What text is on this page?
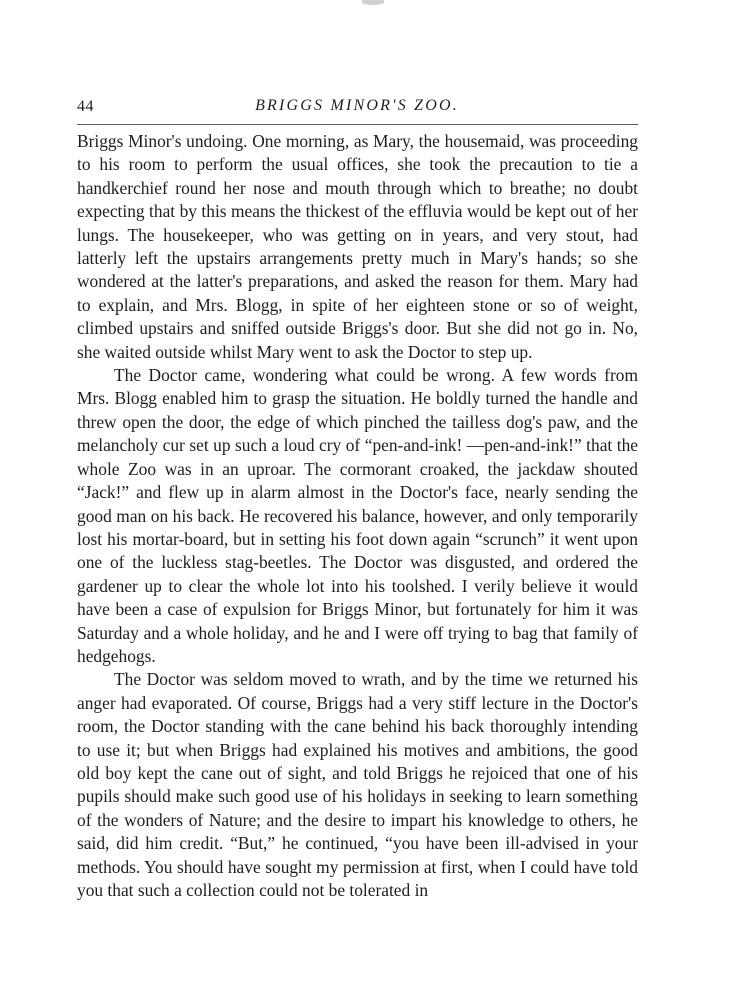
44	BRIGGS MINOR'S ZOO.

Briggs Minor's undoing. One morning, as Mary, the housemaid, was proceeding to his room to perform the usual offices, she took the precaution to tie a handkerchief round her nose and mouth through which to breathe; no doubt expecting that by this means the thickest of the effluvia would be kept out of her lungs. The housekeeper, who was getting on in years, and very stout, had latterly left the upstairs arrangements pretty much in Mary's hands; so she wondered at the latter's preparations, and asked the reason for them. Mary had to explain, and Mrs. Blogg, in spite of her eighteen stone or so of weight, climbed upstairs and sniffed outside Briggs's door. But she did not go in. No, she waited outside whilst Mary went to ask the Doctor to step up.

The Doctor came, wondering what could be wrong. A few words from Mrs. Blogg enabled him to grasp the situation. He boldly turned the handle and threw open the door, the edge of which pinched the tailless dog's paw, and the melancholy cur set up such a loud cry of “pen-and-ink! —pen-and-ink!” that the whole Zoo was in an uproar. The cormorant croaked, the jackdaw shouted “Jack!” and flew up in alarm almost in the Doctor's face, nearly sending the good man on his back. He recovered his balance, however, and only temporarily lost his mortar-board, but in setting his foot down again “scrunch” it went upon one of the luckless stag-beetles. The Doctor was disgusted, and ordered the gardener up to clear the whole lot into his toolshed. I verily believe it would have been a case of expulsion for Briggs Minor, but fortunately for him it was Saturday and a whole holiday, and he and I were off trying to bag that family of hedgehogs.

The Doctor was seldom moved to wrath, and by the time we returned his anger had evaporated. Of course, Briggs had a very stiff lecture in the Doctor's room, the Doctor standing with the cane behind his back thoroughly intending to use it; but when Briggs had explained his motives and ambitions, the good old boy kept the cane out of sight, and told Briggs he rejoiced that one of his pupils should make such good use of his holidays in seeking to learn something of the wonders of Nature; and the desire to impart his knowledge to others, he said, did him credit. “But,” he continued, “you have been ill-advised in your methods. You should have sought my permission at first, when I could have told you that such a collection could not be tolerated in
